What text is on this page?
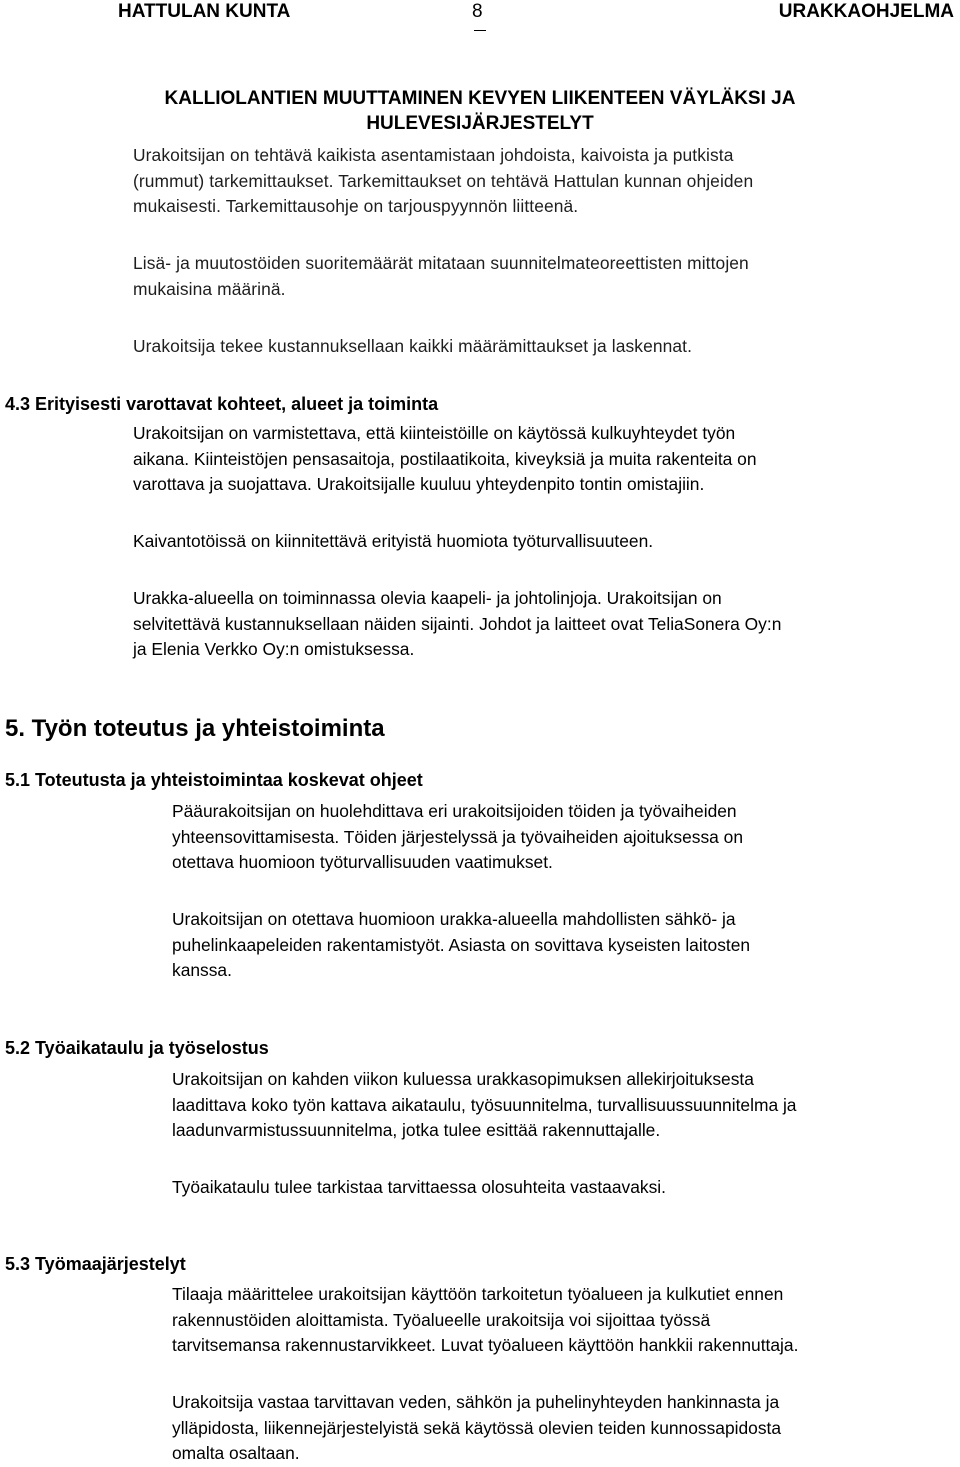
HATTULAN KUNTA	8	URAKKAOHJELMA
KALLIOLANTIEN MUUTTAMINEN KEVYEN LIIKENTEEN VÄYLÄKSI JA
HULEVESIJÄRJESTELYT

Urakoitsijan on tehtävä kaikista asentamistaan johdoista, kaivoista ja putkista
(rummut) tarkemittaukset. Tarkemittaukset on tehtävä Hattulan kunnan ohjeiden
mukaisesti. Tarkemittausohje on tarjouspyynnön liitteenä.

Lisä- ja muutostöiden suoritemäärät mitataan suunnitelmateoreettisten mittojen
mukaisina määrinä.

Urakoitsija tekee kustannuksellaan kaikki määrämittaukset ja laskennat.

4.3 Erityisesti varottavat kohteet, alueet ja toiminta

Urakoitsijan on varmistettava, että kiinteistöille on käytössä kulkuyhteydet työn
aikana. Kiinteistöjen pensasaitoja, postilaatikoita, kiveyksiä ja muita rakenteita on
varottava ja suojattava. Urakoitsijalle kuuluu yhteydenpito tontin omistajiin.

Kaivantotöissä on kiinnitettävä erityistä huomiota työturvallisuuteen.

Urakka-alueella on toiminnassa olevia kaapeli- ja johtolinjoja. Urakoitsijan on
selvitettävä kustannuksellaan näiden sijainti. Johdot ja laitteet ovat TeliaSonera Oy:n
ja Elenia Verkko Oy:n omistuksessa.

5. Työn toteutus ja yhteistoiminta
5.1 Toteutusta ja yhteistoimintaa koskevat ohjeet

Pääurakoitsijan on huolehdittava eri urakoitsijoiden töiden ja työvaiheiden
yhteensovittamisesta. Töiden järjestelyssä ja työvaiheiden ajoituksessa on
otettava huomioon työturvallisuuden vaatimukset.

Urakoitsijan on otettava huomioon urakka-alueella mahdollisten sähkö- ja
puhelinkaapeleiden rakentamistyöt. Asiasta on sovittava kyseisten laitosten
kanssa.

5.2 Työaikataulu ja työselostus

Urakoitsijan on kahden viikon kuluessa urakkasopimuksen allekirjoituksesta
laadittava koko työn kattava aikataulu, työsuunnitelma, turvallisuussuunnitelma ja
laadunvarmistussuunnitelma, jotka tulee esittää rakennuttajalle.

Työaikataulu tulee tarkistaa tarvittaessa olosuhteita vastaavaksi.

5.3 Työmaajärjestelyt

Tilaaja määrittelee urakoitsijan käyttöön tarkoitetun työalueen ja kulkutiet ennen
rakennustöiden aloittamista. Työalueelle urakoitsija voi sijoittaa työssä
tarvitsemansa rakennustarvikkeet. Luvat työalueen käyttöön hankkii rakennuttaja.

Urakoitsija vastaa tarvittavan veden, sähkön ja puhelinyhteyden hankinnasta ja
ylläpidosta, liikennejärjestelyistä sekä käytössä olevien teiden kunnossapidosta
omalta osaltaan.
